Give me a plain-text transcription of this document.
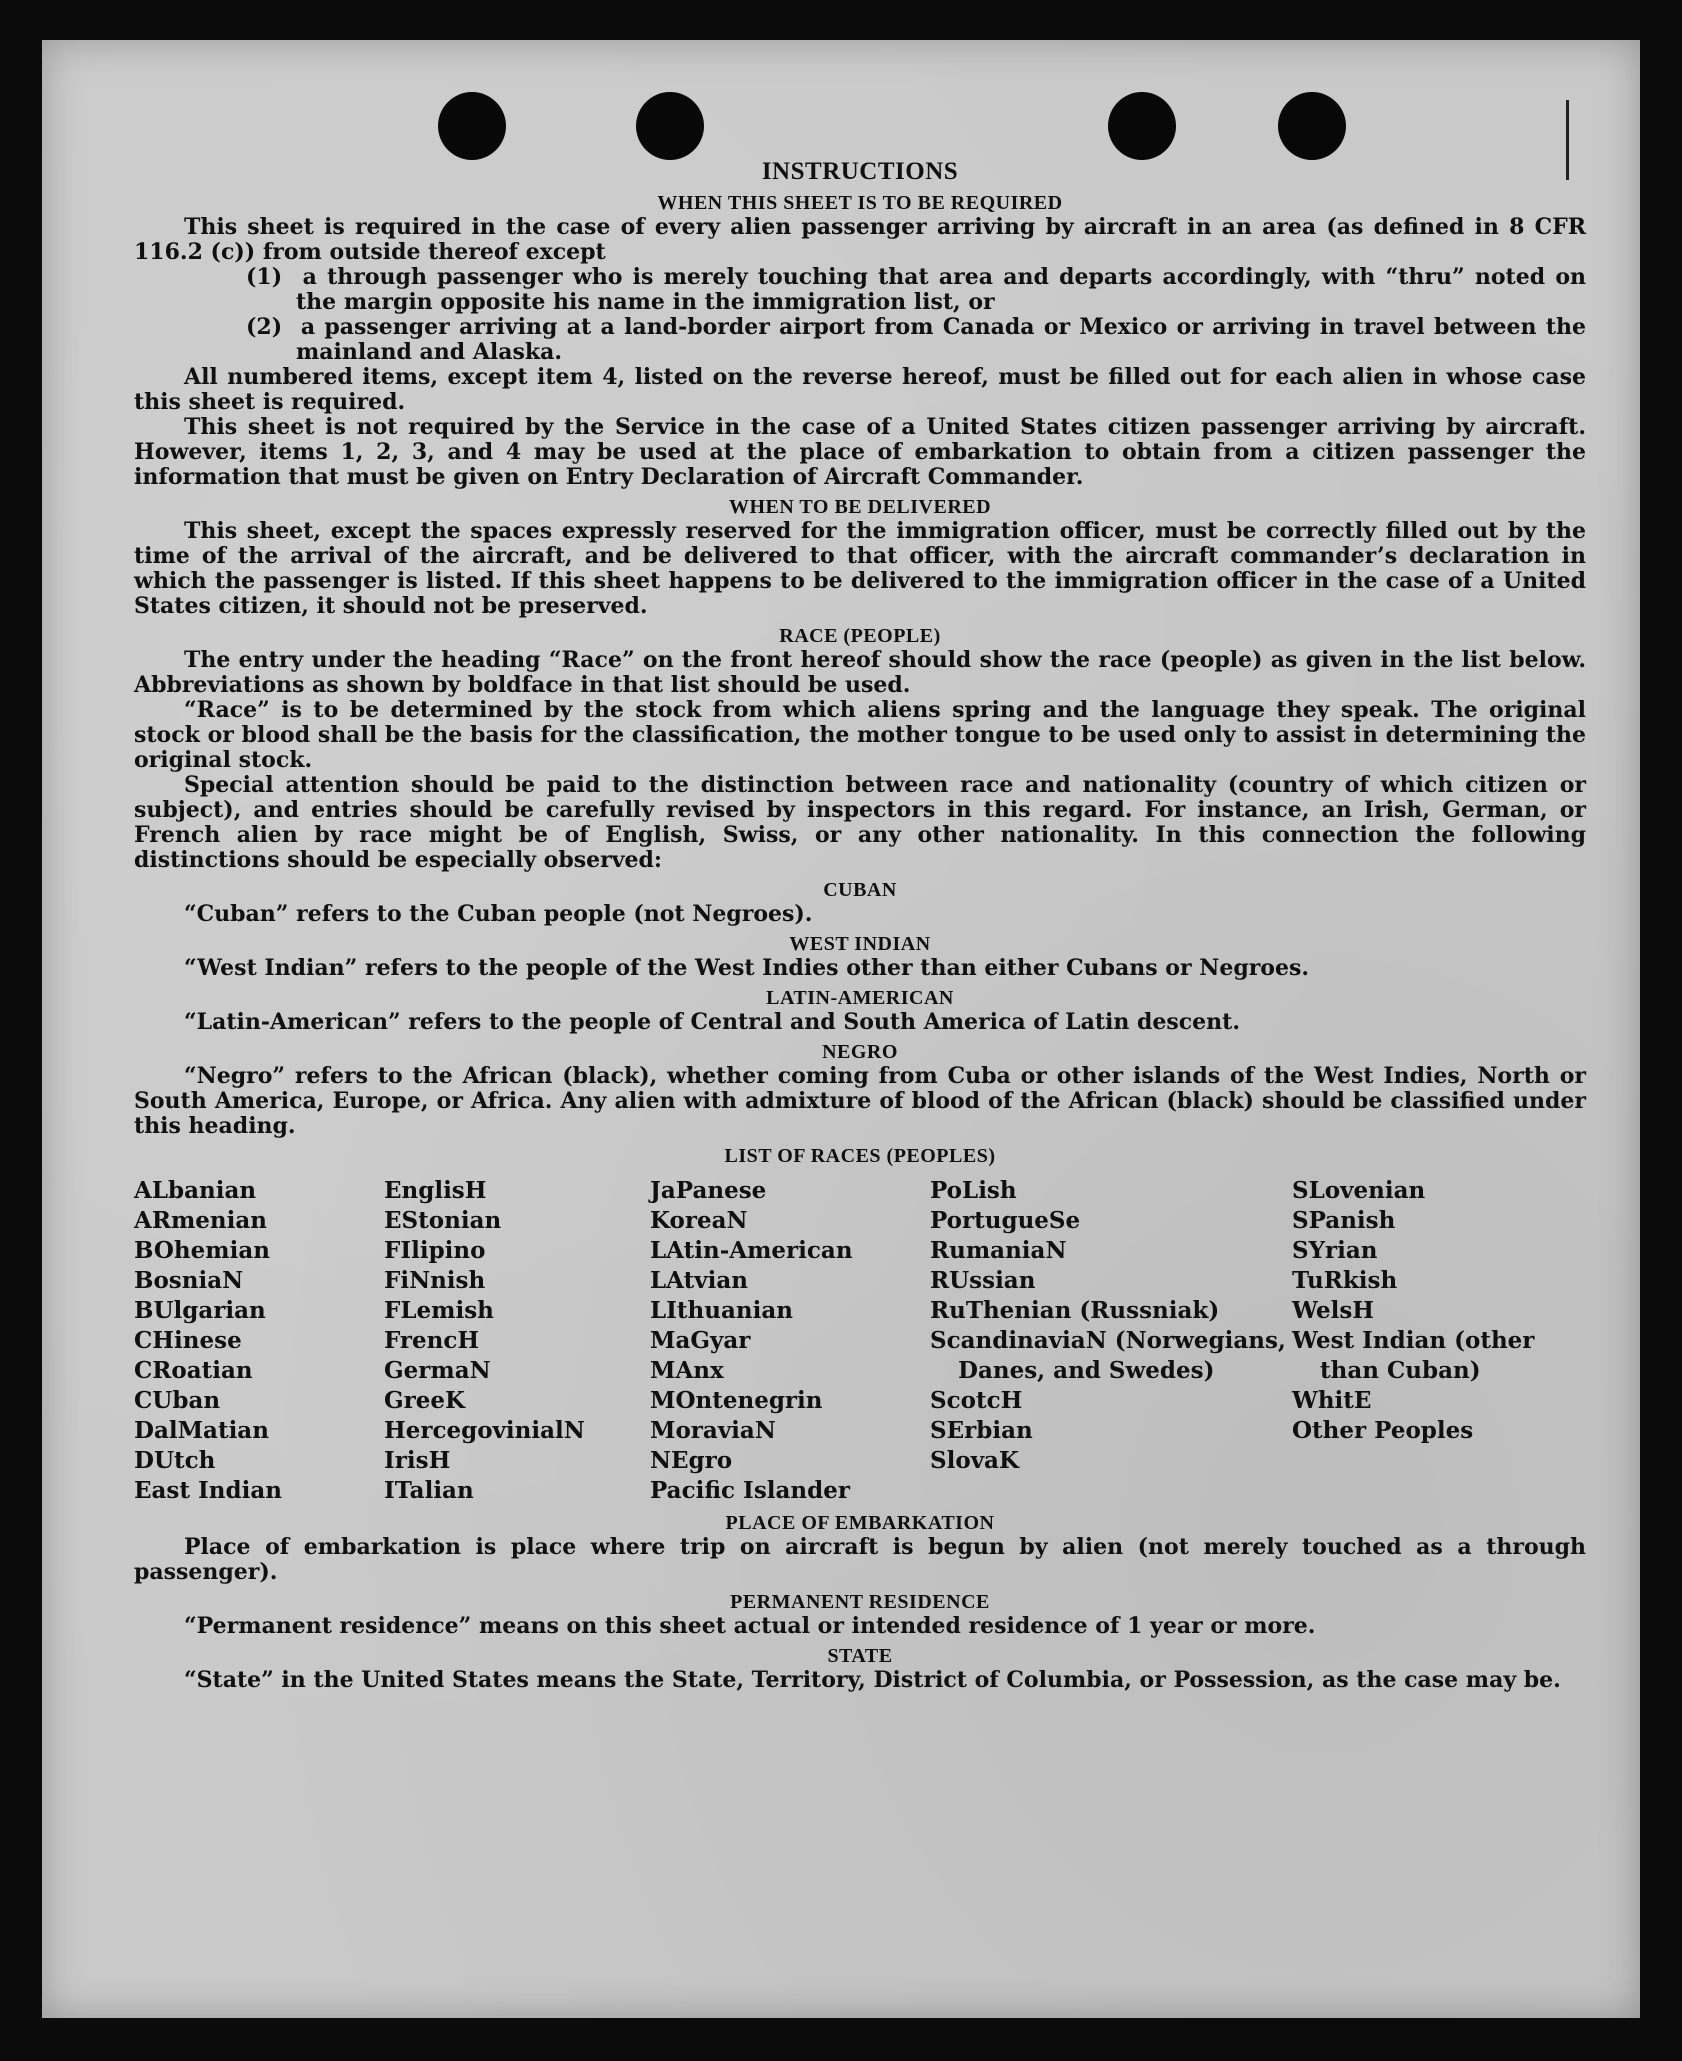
INSTRUCTIONS
WHEN THIS SHEET IS TO BE REQUIRED

This sheet is required in the case of every alien passenger arriving by aircraft in an area (as defined in 8 CFR 116.2 (c)) from outside thereof except

(1) a through passenger who is merely touching that area and departs accordingly, with “thru” noted on the margin opposite his name in the immigration list, or

(2) a passenger arriving at a land-border airport from Canada or Mexico or arriving in travel between the mainland and Alaska.

All numbered items, except item 4, listed on the reverse hereof, must be filled out for each alien in whose case this sheet is required.

This sheet is not required by the Service in the case of a United States citizen passenger arriving by aircraft. However, items 1, 2, 3, and 4 may be used at the place of embarkation to obtain from a citizen passenger the information that must be given on Entry Declaration of Aircraft Commander.

WHEN TO BE DELIVERED

This sheet, except the spaces expressly reserved for the immigration officer, must be correctly filled out by the time of the arrival of the aircraft, and be delivered to that officer, with the aircraft commander’s declaration in which the passenger is listed. If this sheet happens to be delivered to the immigration officer in the case of a United States citizen, it should not be preserved.

RACE (PEOPLE)

The entry under the heading “Race” on the front hereof should show the race (people) as given in the list below. Abbreviations as shown by boldface in that list should be used.

“Race” is to be determined by the stock from which aliens spring and the language they speak. The original stock or blood shall be the basis for the classification, the mother tongue to be used only to assist in determining the original stock.

Special attention should be paid to the distinction between race and nationality (country of which citizen or subject), and entries should be carefully revised by inspectors in this regard. For instance, an Irish, German, or French alien by race might be of English, Swiss, or any other nationality. In this connection the following distinctions should be especially observed:

CUBAN

“Cuban” refers to the Cuban people (not Negroes).

WEST INDIAN

“West Indian” refers to the people of the West Indies other than either Cubans or Negroes.

LATIN-AMERICAN

“Latin-American” refers to the people of Central and South America of Latin descent.

NEGRO

“Negro” refers to the African (black), whether coming from Cuba or other islands of the West Indies, North or South America, Europe, or Africa. Any alien with admixture of blood of the African (black) should be classified under this heading.

LIST OF RACES (PEOPLES)
ALbanian
ARmenian
BOhemian
BosniaN
BUlgarian
CHinese
CRoatian
CUban
DalMatian
DUtch
East Indian
EnglisH
EStonian
FIlipino
FiNnish
FLemish
FrencH
GermaN
GreeK
HercegovinialN
IrisH
ITalian
JaPanese
KoreaN
LAtin-American
LAtvian
LIthuanian
MaGyar
MAnx
MOntenegrin
MoraviaN
NEgro
Pacific Islander
PoLish
PortugueSe
RumaniaN
RUssian
RuThenian (Russniak)
ScandinaviaN (Norwegians, Danes, and Swedes)
ScotcH
SErbian
SlovaK
SLovenian
SPanish
SYrian
TuRkish
WelsH
West Indian (other than Cuban)
WhitE
Other Peoples
PLACE OF EMBARKATION

Place of embarkation is place where trip on aircraft is begun by alien (not merely touched as a through passenger).

PERMANENT RESIDENCE

“Permanent residence” means on this sheet actual or intended residence of 1 year or more.

STATE

“State” in the United States means the State, Territory, District of Columbia, or Possession, as the case may be.
